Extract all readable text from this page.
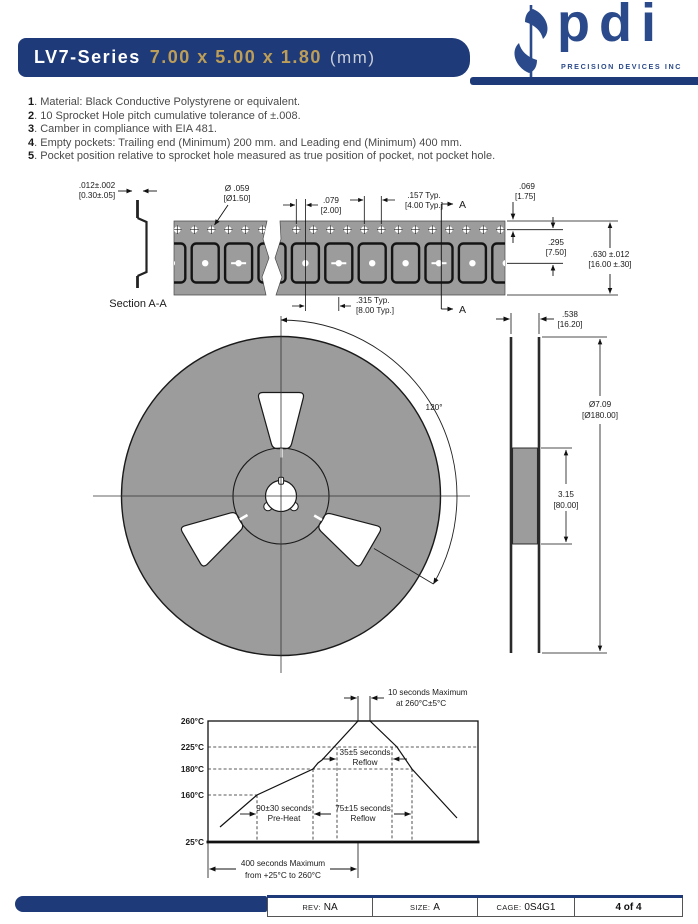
LV7-Series 7.00 x 5.00 x 1.80 (mm)
pdi
PRECISION DEVICES INC
1. Material: Black Conductive Polystyrene or equivalent.
2. 10 Sprocket Hole pitch cumulative tolerance of ±.008.
3. Camber in compliance with EIA 481.
4. Empty pockets: Trailing end (Minimum) 200 mm. and Leading end (Minimum) 400 mm.
5. Pocket position relative to sprocket hole measured as true position of pocket, not pocket hole.
.012±.002
[0.30±.05]
Section A-A
Ø .059
[Ø1.50]	.079
[2.00]
.157 Typ.
[4.00 Typ.]
.315 Typ.
[8.00 Typ.]
A
A
.069
[1.75]
.295
[7.50]	.630 ±.012
[16.00 ±.30]
120°
.538
[16.20]
Ø7.09
[Ø180.00]
3.15
[80.00]
260°C
225°C
180°C
160°C
25°C
10 seconds Maximum
at 260°C±5°C
35±5 seconds
Reflow
90±30 seconds
Pre-Heat
75±15 seconds
Reflow
400 seconds Maximum
from +25°C to 260°C
REV: NA	SIZE: A	CAGE: 0S4G1	4 of 4
